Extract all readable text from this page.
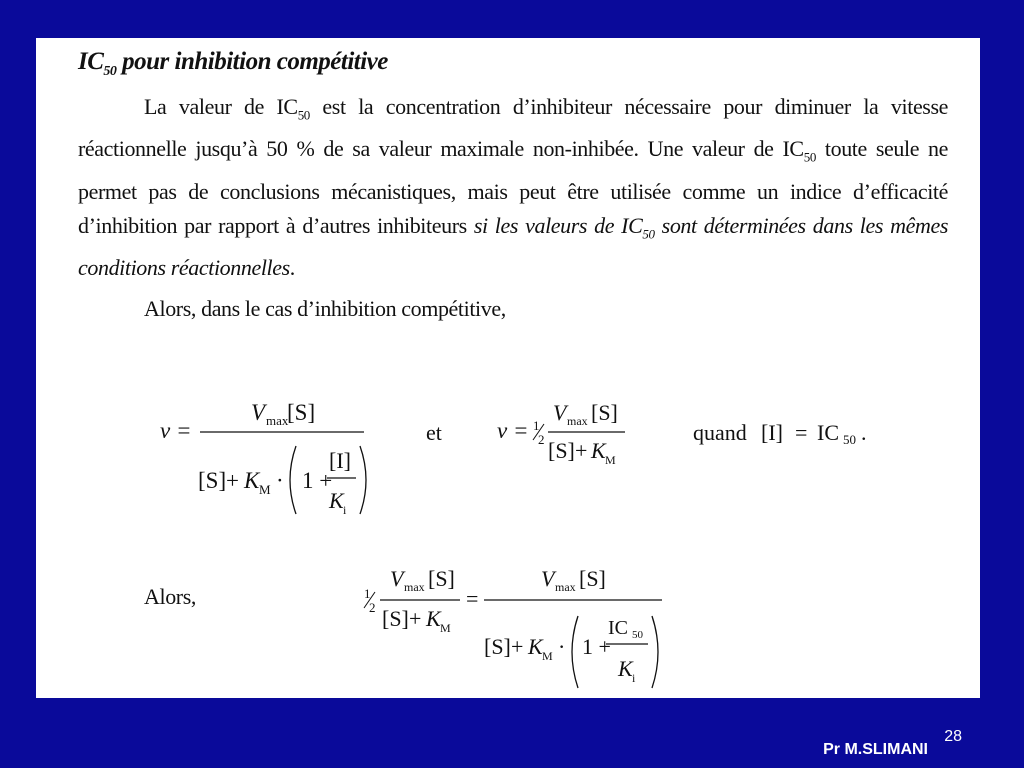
$IC_{50}$ pour inhibition compétitive
La valeur de $IC_{50}$ est la concentration d’inhibiteur nécessaire pour diminuer la vitesse réactionnelle jusqu’à 50 % de sa valeur maximale non-inhibée. Une valeur de $IC_{50}$ toute seule ne permet pas de conclusions mécanistiques, mais peut être utilisée comme un indice d’efficacité d’inhibition par rapport à d’autres inhibiteurs si les valeurs de $IC_{50}$ sont déterminées dans les mêmes conditions réactionnelles.
Alors, dans le cas d’inhibition compétitive,
v =
V max
[S]
[S] + K M · 1 +
[I]
K i
et v = 1
2
V max [S]
[S] + K M
quand [I] = IC 50 .
Alors,	1
2
V max [S]
[S] + K M
=
V max [S]
[S] + K M · 1 +
IC 50
K i
28
Pr M.SLIMANI
